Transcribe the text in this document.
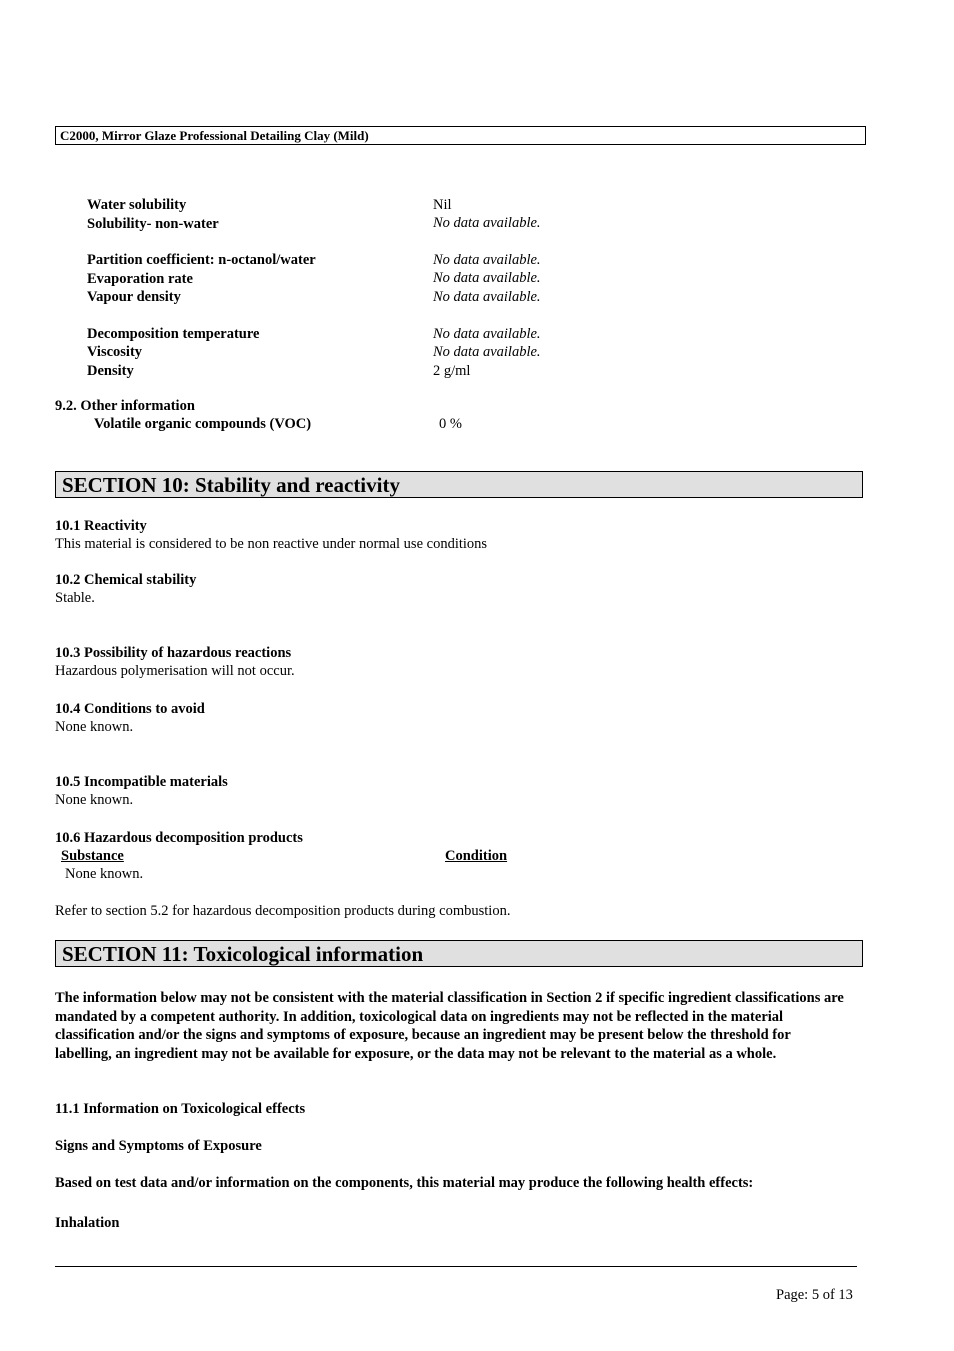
C2000, Mirror Glaze Professional Detailing Clay (Mild)
Water solubility	Nil
Solubility- non-water	No data available.
Partition coefficient: n-octanol/water	No data available.
Evaporation rate	No data available.
Vapour density	No data available.
Decomposition temperature	No data available.
Viscosity	No data available.
Density	2 g/ml
9.2. Other information
Volatile organic compounds (VOC)	0 %
SECTION 10: Stability and reactivity
10.1 Reactivity
This material is considered to be non reactive under normal use conditions
10.2 Chemical stability
Stable.
10.3 Possibility of hazardous reactions
Hazardous polymerisation will not occur.
10.4 Conditions to avoid
None known.
10.5 Incompatible materials
None known.
10.6 Hazardous decomposition products
Substance	Condition
None known.
Refer to section 5.2 for hazardous decomposition products during combustion.
SECTION 11: Toxicological information
The information below may not be consistent with the material classification in Section 2 if specific ingredient classifications are mandated by a competent authority. In addition, toxicological data on ingredients may not be reflected in the material classification and/or the signs and symptoms of exposure, because an ingredient may be present below the threshold for labelling, an ingredient may not be available for exposure, or the data may not be relevant to the material as a whole.
11.1 Information on Toxicological effects
Signs and Symptoms of Exposure
Based on test data and/or information on the components, this material may produce the following health effects:
Inhalation
Page: 5 of 13
